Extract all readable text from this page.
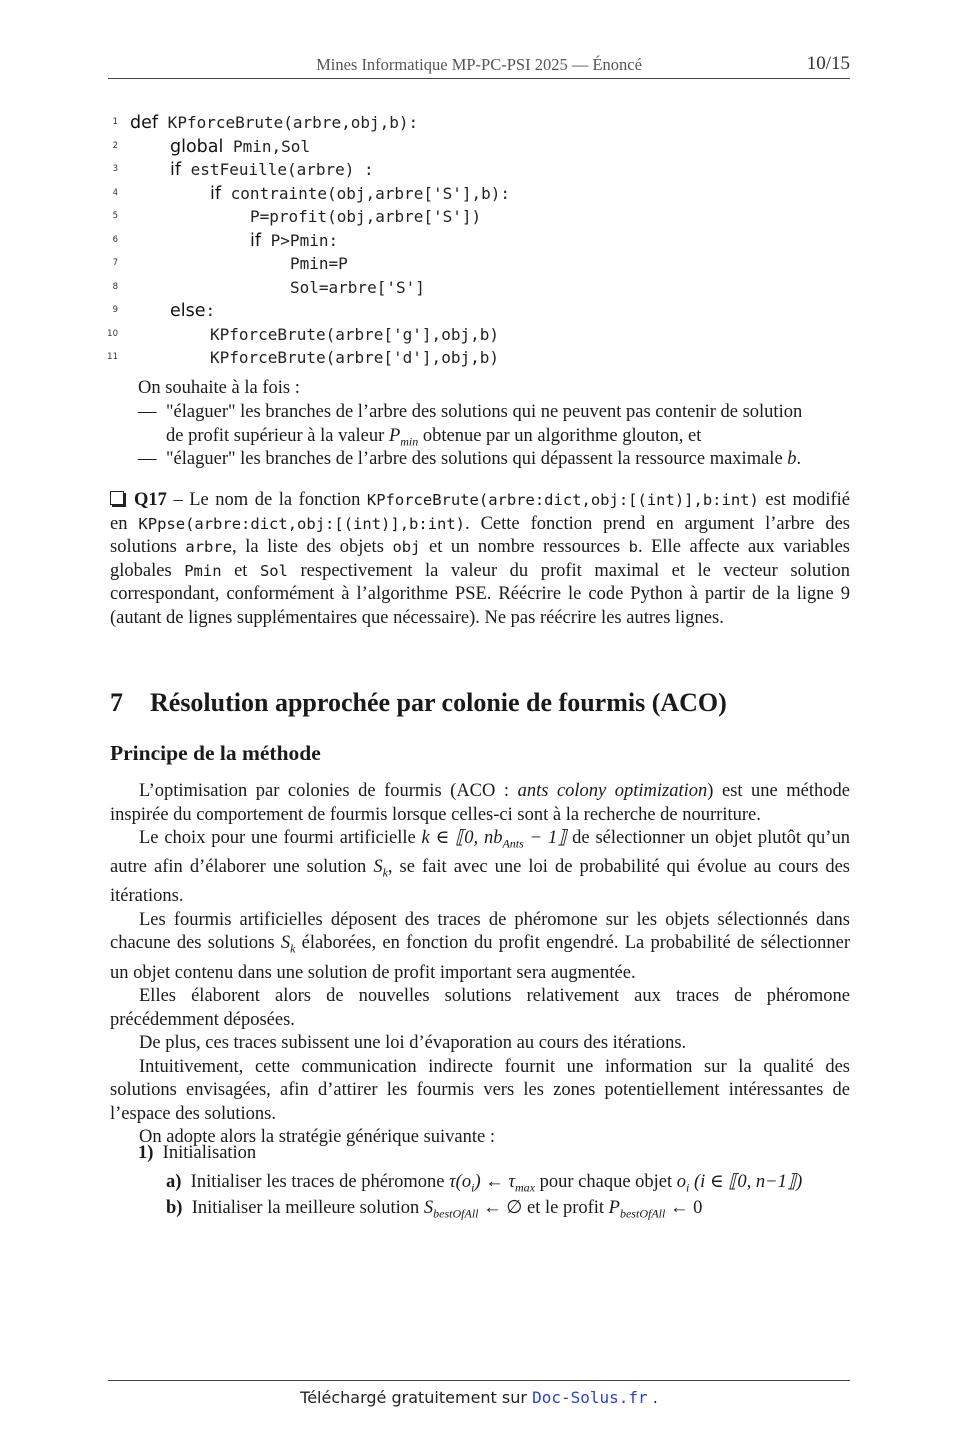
Mines Informatique MP-PC-PSI 2025 — Énoncé	10/15
1 def KPforceBrute(arbre,obj,b):
2	global Pmin,Sol
3	if estFeuille(arbre) :
4	if contrainte(obj,arbre['S'],b):
5	P=profit(obj,arbre['S'])
6	if P>Pmin:
7	Pmin=P
8	Sol=arbre['S']
9	else:
10	KPforceBrute(arbre['g'],obj,b)
11	KPforceBrute(arbre['d'],obj,b)
On souhaite à la fois :
— "élaguer" les branches de l’arbre des solutions qui ne peuvent pas contenir de solution
de profit supérieur à la valeur $P_{min}$ obtenue par un algorithme glouton, et
— "élaguer" les branches de l’arbre des solutions qui dépassent la ressource maximale b.
Q17 – Le nom de la fonction KPforceBrute(arbre:dict,obj:[(int)],b:int) est modifié en KPpse(arbre:dict,obj:[(int)],b:int). Cette fonction prend en argument l’arbre des solutions arbre, la liste des objets obj et un nombre ressources b. Elle affecte aux variables globales Pmin et Sol respectivement la valeur du profit maximal et le vecteur solution correspondant, conformément à l’algorithme PSE. Réécrire le code Python à partir de la ligne 9 (autant de lignes supplémentaires que nécessaire). Ne pas réécrire les autres lignes.
7 Résolution approchée par colonie de fourmis (ACO)
Principe de la méthode

L’optimisation par colonies de fourmis (ACO : ants colony optimization) est une méthode inspirée du comportement de fourmis lorsque celles-ci sont à la recherche de nourriture.

Le choix pour une fourmi artificielle k ∈ ⟦0, $nb_{Ants}$ − 1⟧ de sélectionner un objet plutôt qu’un autre afin d’élaborer une solution $S_k$, se fait avec une loi de probabilité qui évolue au cours des itérations.

Les fourmis artificielles déposent des traces de phéromone sur les objets sélectionnés dans chacune des solutions $S_k$ élaborées, en fonction du profit engendré. La probabilité de sélectionner un objet contenu dans une solution de profit important sera augmentée.

Elles élaborent alors de nouvelles solutions relativement aux traces de phéromone précédemment déposées.

De plus, ces traces subissent une loi d’évaporation au cours des itérations.

Intuitivement, cette communication indirecte fournit une information sur la qualité des solutions envisagées, afin d’attirer les fourmis vers les zones potentiellement intéressantes de l’espace des solutions.

On adopte alors la stratégie générique suivante :

1) Initialisation
a) Initialiser les traces de phéromone $\tau(o_i)$ ← $\tau_{max}$ pour chaque objet $o_i$ (i ∈ ⟦0, n−1⟧)
b) Initialiser la meilleure solution $S_{bestOfAll}$ ← ∅ et le profit $P_{bestOfAll}$ ← 0
Téléchargé gratuitement sur Doc-Solus.fr .
